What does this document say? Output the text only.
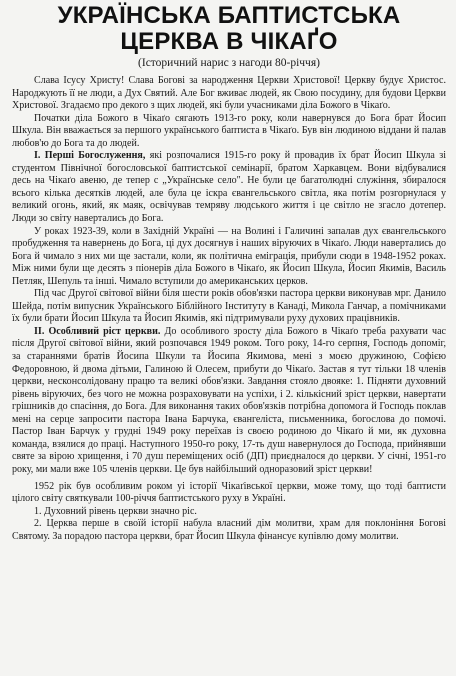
УКРАЇНСЬКА БАПТИСТСЬКА
ЦЕРКВА В ЧІКАҐО
(Історичний нарис з нагоди 80-річчя)

Слава Ісусу Христу! Слава Богові за народження Церкви Христової! Церкву будує Христос. Народжують її не люди, а Дух Святий. Але Бог вживає людей, як Свою посудину, для будови Церкви Христової. Згадаємо про декого з щих людей, які були учасниками діла Божого в Чікаґо.

Початки діла Божого в Чікаґо сягають 1913-го року, коли навернувся до Бога брат Йосип Шкула. Він вважається за першого українського баптиста в Чікаґо. Був він людиною віддани й палав любов'ю до Бога та до людей.

І. Перші Богослуження, які розпочалися 1915-го року й провадив їх брат Йосип Шкула зі студентом Північної богословської баптистської семінарії, братом Харкавцем. Вони відбувалися десь на Чікаґо авеню, де тепер с „Українське село". Не були це багатолюдні служіння, збиралося всього кілька десятків людей, але була це іскра євангельського світла, яка потім розгорнулася у великий огонь, який, як маяк, освічував темряву людського життя і це світло не згасло дотепер. Люди зо світу навертались до Бога.

У роках 1923-39, коли в Західній Україні — на Волині і Галичині запалав дух євангельського пробудження та навернень до Бога, ці дух досягнув і наших віруючих в Чікаґо. Люди навертались до Бога й чимало з них ми ще застали, коли, як політична еміграція, прибули сюди в 1948-1952 роках. Між ними були ще десять з піонерів діла Божого в Чікаґо, як Йосип Шкула, Йосип Якимів, Василь Петляк, Шепуль та інші. Чимало вступили до американських церков.

Під час Другої світової війни біля шести років обов'язки пастора церкви виконував мрг. Данило Шейда, потім випусник Українського Біблійного Інституту в Канаді, Микола Ганчар, а помічниками їх були брати Йосип Шкула та Йосип Якимів, які підтримували руху духових працівників.

II. Особливий ріст церкви. До особливого зросту діла Божого в Чікаґо треба рахувати час після Другої світової війни, який розпочався 1949 роком. Того року, 14-го серпня, Господь допоміг, за стараннями братів Йосипа Шкули та Йосипа Якимова, мені з моєю дружиною, Софією Федоровною, й двома дітьми, Галиною й Олесем, прибути до Чікаґо. Застав я тут тільки 18 членів церкви, несконсолідовану працю та великі обов'язки. Завдання стояло двояке: 1. Підняти духовний рівень віруючих, без чого не можна розраховувати на успіхи, і 2. кількісний зріст церкви, навертати грішників до спасіння, до Бога. Для виконання таких обов'язків потрібна допомога й Господь поклав мені на серце запросити пастора Івана Барчука, євангеліста, письменника, богослова до помочі. Пастор Іван Барчук у грудні 1949 року переїхав із своєю родиною до Чікаґо й ми, як духовна команда, взялися до праці. Наступного 1950-го року, 17-ть душ навернулося до Господа, прийнявши святе за вірою хрищення, і 70 душ переміщених осіб (ДП) приєдналося до церкви. У січні, 1951-го року, ми мали вже 105 членів церкви. Це був найбільший одноразовий зріст церкви!

1952 рік був особливим роком уі історії Чікаґівської церкви, може тому, що тоді баптисти цілого світу святкували 100-річчя баптистського руху в Україні.

1. Духовний рівень церкви значно ріс.

2. Церква перше в своїй історії набула власний дім молитви, храм для поклоніння Богові Святому. За порадою пастора церкви, брат Йосип Шкула фінансує купівлю дому молитви.
